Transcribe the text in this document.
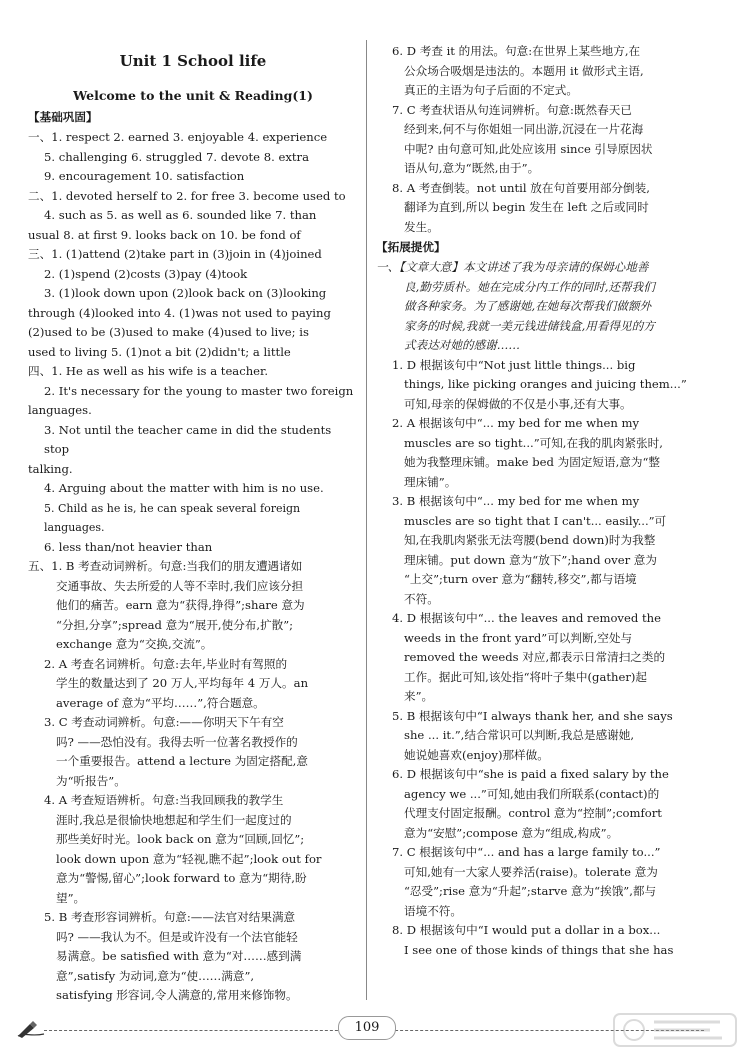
Unit 1 School life
Welcome to the unit & Reading(1)
【基础巩固】

一、1. respect 2. earned 3. enjoyable 4. experience

5. challenging 6. struggled 7. devote 8. extra

9. encouragement 10. satisfaction

二、1. devoted herself to 2. for free 3. become used to

4. such as 5. as well as 6. sounded like 7. than

usual 8. at first 9. looks back on 10. be fond of

三、1. (1)attend (2)take part in (3)join in (4)joined

2. (1)spend (2)costs (3)pay (4)took

3. (1)look down upon (2)look back on (3)looking

through (4)looked into 4. (1)was not used to paying

(2)used to be (3)used to make (4)used to live; is

used to living 5. (1)not a bit (2)didn't; a little

四、1. He as well as his wife is a teacher.

2. It's necessary for the young to master two foreign

languages.

3. Not until the teacher came in did the students stop

talking.

4. Arguing about the matter with him is no use.

5. Child as he is, he can speak several foreign languages.

6. less than/not heavier than

五、1. B 考查动词辨析。句意:当我们的朋友遭遇诸如

交通事故、失去所爱的人等不幸时,我们应该分担

他们的痛苦。earn 意为“获得,挣得”;share 意为

“分担,分享”;spread 意为“展开,使分布,扩散”;

exchange 意为“交换,交流”。

2. A 考查名词辨析。句意:去年,毕业时有驾照的

学生的数量达到了 20 万人,平均每年 4 万人。an

average of 意为“平均……”,符合题意。

3. C 考查动词辨析。句意:——你明天下午有空

吗? ——恐怕没有。我得去听一位著名教授作的

一个重要报告。attend a lecture 为固定搭配,意

为“听报告”。

4. A 考查短语辨析。句意:当我回顾我的教学生

涯时,我总是很愉快地想起和学生们一起度过的

那些美好时光。look back on 意为“回顾,回忆”;

look down upon 意为“轻视,瞧不起”;look out for

意为“警惕,留心”;look forward to 意为“期待,盼

望”。

5. B 考查形容词辨析。句意:——法官对结果满意

吗? ——我认为不。但是或许没有一个法官能轻

易满意。be satisfied with 意为“对……感到满

意”,satisfy 为动词,意为“使……满意”,

satisfying 形容词,令人满意的,常用来修饰物。

6. D 考查 it 的用法。句意:在世界上某些地方,在

公众场合吸烟是违法的。本题用 it 做形式主语,

真正的主语为句子后面的不定式。

7. C 考查状语从句连词辨析。句意:既然春天已

经到来,何不与你姐姐一同出游,沉浸在一片花海

中呢? 由句意可知,此处应该用 since 引导原因状

语从句,意为“既然,由于”。

8. A 考查倒装。not until 放在句首要用部分倒装,

翻译为直到,所以 begin 发生在 left 之后或同时

发生。

【拓展提优】

一、【文章大意】本文讲述了我为母亲请的保姆心地善

良,勤劳质朴。她在完成分内工作的同时,还帮我们

做各种家务。为了感谢她,在她每次帮我们做额外

家务的时候,我就一美元钱进储钱盒,用看得见的方

式表达对她的感谢……

1. D 根据该句中“Not just little things... big

things, like picking oranges and juicing them...”

可知,母亲的保姆做的不仅是小事,还有大事。

2. A 根据该句中“... my bed for me when my

muscles are so tight...”可知,在我的肌肉紧张时,

她为我整理床铺。make bed 为固定短语,意为“整

理床铺”。

3. B 根据该句中“... my bed for me when my

muscles are so tight that I can't... easily...”可

知,在我肌肉紧张无法弯腰(bend down)时为我整

理床铺。put down 意为“放下”;hand over 意为

“上交”;turn over 意为“翻转,移交”,都与语境

不符。

4. D 根据该句中“... the leaves and removed the

weeds in the front yard”可以判断,空处与

removed the weeds 对应,都表示日常清扫之类的

工作。据此可知,该处指“将叶子集中(gather)起

来”。

5. B 根据该句中“I always thank her, and she says

she ... it.”,结合常识可以判断,我总是感谢她,

她说她喜欢(enjoy)那样做。

6. D 根据该句中“she is paid a fixed salary by the

agency we ...”可知,她由我们所联系(contact)的

代理支付固定报酬。control 意为“控制”;comfort

意为“安慰”;compose 意为“组成,构成”。

7. C 根据该句中“... and has a large family to...”

可知,她有一大家人要养活(raise)。tolerate 意为

“忍受”;rise 意为“升起”;starve 意为“挨饿”,都与

语境不符。

8. D 根据该句中“I would put a dollar in a box...

I see one of those kinds of things that she has

109
